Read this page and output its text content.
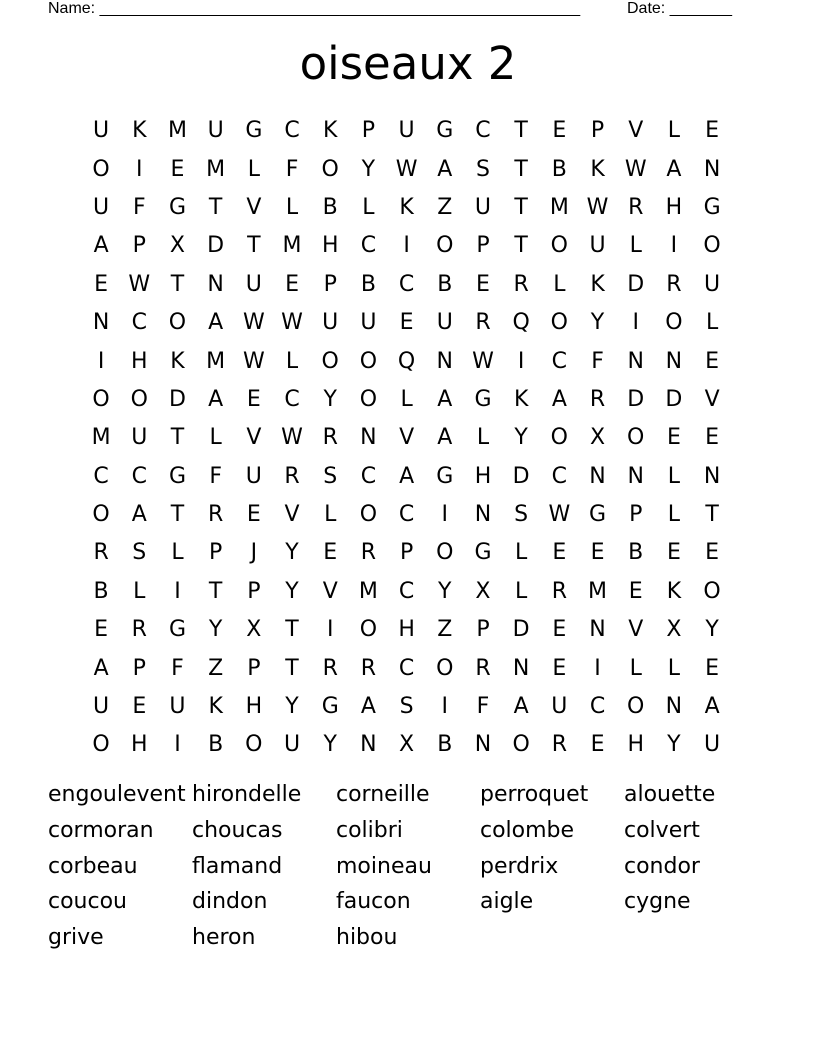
Name: ______________________________________________________	Date: _______
oiseaux 2
U	K M U G C	K	P	U G C	T	E	P	V	L	E
O	I	E M	L	F	O	Y W A	S	T	B	K W A	N
U	F	G	T	V	L	B	L	K	Z	U	T M W R	H G
A	P	X	D	T M H	C	I	O	P	T	O U	L	I	O
E W T	N U	E	P	B	C	B	E	R	L	K	D	R	U
N	C O	A W W U	U	E	U	R Q O	Y	I	O	L
I	H	K M W L	O O Q N W	I	C	F	N N	E
O O D	A	E	C	Y	O	L	A	G	K	A	R	D D	V
M U	T	L	V W R	N	V	A	L	Y	O X O	E	E
C	C G	F	U	R	S	C	A	G H D	C	N N	L	N
O	A	T	R	E	V	L	O C	I	N	S W G	P	L	T
R	S	L	P	J	Y	E	R	P	O G	L	E	E	B	E	E
B	L	I	T	P	Y	V M C	Y	X	L	R M E	K	O
E	R	G	Y	X	T	I	O H	Z	P	D	E	N	V	X	Y
A	P	F	Z	P	T	R	R	C O R	N	E	I	L	L	E
U	E	U	K	H	Y	G	A	S	I	F	A	U	C O N	A
O H	I	B O U	Y	N	X	B	N O R	E	H	Y	U
engoulevent hirondelle	corneille	perroquet	alouette
cormoran	choucas	colibri	colombe	colvert
corbeau	flamand	moineau	perdrix	condor
coucou	dindon	faucon	aigle	cygne
grive	heron	hibou
